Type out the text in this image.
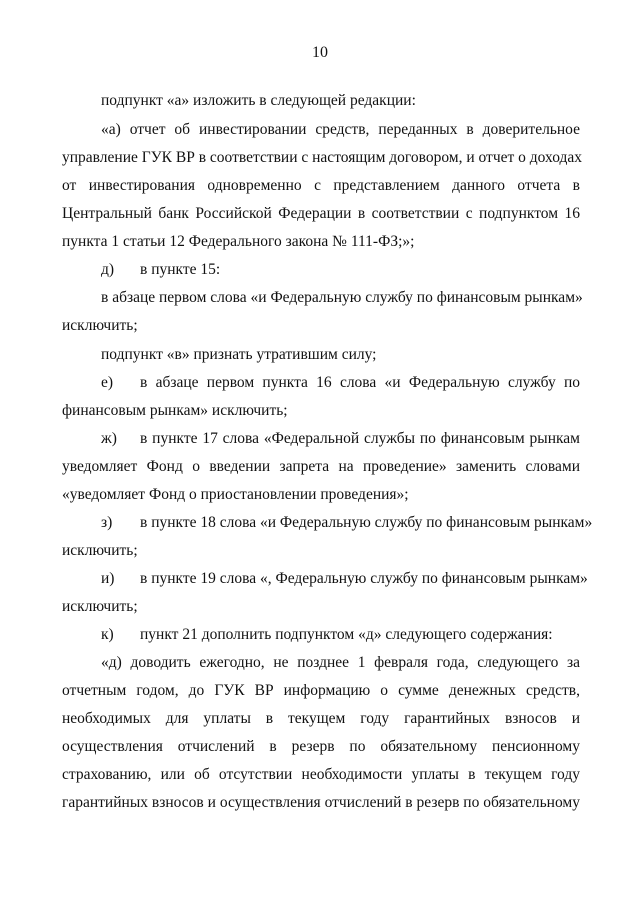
10
подпункт «а» изложить в следующей редакции:
«а) отчет об инвестировании средств, переданных в доверительное
управление ГУК ВР в соответствии с настоящим договором, и отчет о доходах
от инвестирования одновременно с представлением данного отчета в
Центральный банк Российской Федерации в соответствии с подпунктом 16
пункта 1 статьи 12 Федерального закона № 111-ФЗ;»;
д) в пункте 15:
в абзаце первом слова «и Федеральную службу по финансовым рынкам»
исключить;
подпункт «в» признать утратившим силу;
е) в абзаце первом пункта 16 слова «и Федеральную службу по
финансовым рынкам» исключить;
ж) в пункте 17 слова «Федеральной службы по финансовым рынкам
уведомляет Фонд о введении запрета на проведение» заменить словами
«уведомляет Фонд о приостановлении проведения»;
з) в пункте 18 слова «и Федеральную службу по финансовым рынкам»
исключить;
и) в пункте 19 слова «, Федеральную службу по финансовым рынкам»
исключить;
к) пункт 21 дополнить подпунктом «д» следующего содержания:
«д) доводить ежегодно, не позднее 1 февраля года, следующего за
отчетным годом, до ГУК ВР информацию о сумме денежных средств,
необходимых для уплаты в текущем году гарантийных взносов и
осуществления отчислений в резерв по обязательному пенсионному
страхованию, или об отсутствии необходимости уплаты в текущем году
гарантийных взносов и осуществления отчислений в резерв по обязательному
